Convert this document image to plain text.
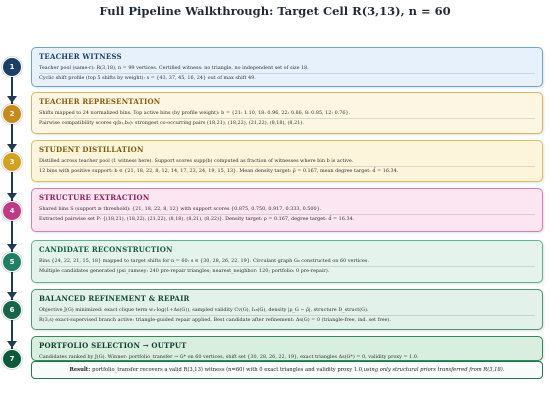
Full Pipeline Walkthrough: Target Cell R(3,13), n = 60
1
TEACHER WITNESS
Teacher pool (same-r): R(3,18), n = 99 vertices. Certified witness: no triangle, no independent set of size 18.
Cyclic shift profile (top 5 shifts by weight): s = {43, 37, 45, 16, 24} out of max shift 49.
2
TEACHER REPRESENTATION
Shifts mapped to 24 normalized bins. Top active bins (by profile weight): b = {21: 1.10, 18: 0.96, 22: 0.86, 8: 0.85, 12: 0.76}.
Pairwise compatibility scores q(b₁,b₂): strongest co-occurring pairs (18,21), (18,22), (21,22), (8,18), (8,21).
3
STUDENT DISTILLATION
Distilled across teacher pool (1 witness here). Support scores supp(b) computed as fraction of witnesses where bin b is active.
12 bins with positive support: b ∈ {21, 18, 22, 8, 12, 14, 17, 23, 24, 19, 15, 13}. Mean density target: ρ̄ = 0.167, mean degree target: d̄ = 16.34.
4
STRUCTURE EXTRACTION
Shared bins S (support ≥ threshold): {21, 18, 22, 8, 12} with support scores {0.875, 0.750, 0.917, 0.333, 0.500}.
Extracted pairwise set P: {(18,21), (18,22), (21,22), (8,18), (8,21), (8,22)}. Density target: ρ = 0.167, degree target: d̄ = 16.34.
5
CANDIDATE RECONSTRUCTION
Bins {24, 22, 21, 15, 18} mapped to target shifts for n = 60: s ∈ {30, 28, 26, 22, 19}. Circulant graph G₀ constructed on 60 vertices.
Multiple candidates generated (psi_ramsey: 240 pre-repair triangles; nearest_neighbor: 120; portfolio: 0 pre-repair).
6
BALANCED REFINEMENT & REPAIR
Objective J(G) minimized: exact clique term w₁·log(1+Δs(G)), sampled validity Cv(G), I₁₈(G), density |ρ_G − ρ̄|, structure D_struct(G).
R(3,s) exact-supervised branch active: triangle-guided repair applied. Best candidate after refinement: Δs(G) = 0 (triangle-free, ind. set free).
7
PORTFOLIO SELECTION → OUTPUT
Candidates ranked by J(G). Winner: portfolio_transfer → G* on 60 vertices, shift set {30, 28, 26, 22, 19}, exact triangles Δs(G*) = 0, validity proxy = 1.0.
Result: portfolio_transfer recovers a valid R(3,13) witness (n=60) with 0 exact triangles and validity proxy 1.0, using only structural priors transferred from R(3,18).
